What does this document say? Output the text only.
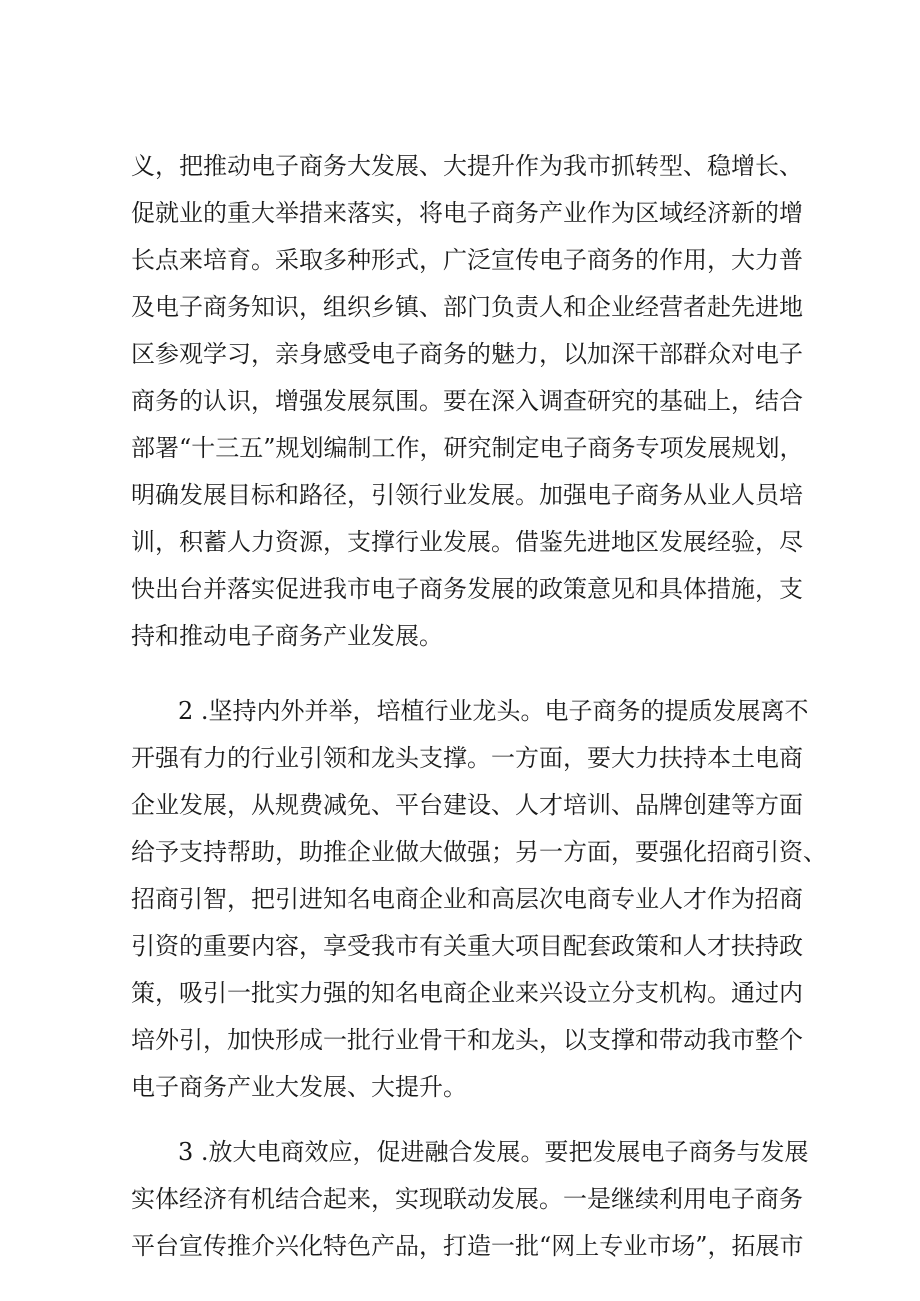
义，把推动电子商务大发展、大提升作为我市抓转型、稳增长、

促就业的重大举措来落实，将电子商务产业作为区域经济新的增

长点来培育。采取多种形式，广泛宣传电子商务的作用，大力普

及电子商务知识，组织乡镇、部门负责人和企业经营者赴先进地

区参观学习，亲身感受电子商务的魅力，以加深干部群众对电子

商务的认识，增强发展氛围。要在深入调查研究的基础上，结合

部署“十三五”规划编制工作，研究制定电子商务专项发展规划，

明确发展目标和路径，引领行业发展。加强电子商务从业人员培

训，积蓄人力资源，支撑行业发展。借鉴先进地区发展经验，尽

快出台并落实促进我市电子商务发展的政策意见和具体措施，支

持和推动电子商务产业发展。

2 .坚持内外并举，培植行业龙头。电子商务的提质发展离不

开强有力的行业引领和龙头支撑。一方面，要大力扶持本土电商

企业发展，从规费减免、平台建设、人才培训、品牌创建等方面

给予支持帮助，助推企业做大做强；另一方面，要强化招商引资、

招商引智，把引进知名电商企业和高层次电商专业人才作为招商

引资的重要内容，享受我市有关重大项目配套政策和人才扶持政

策，吸引一批实力强的知名电商企业来兴设立分支机构。通过内

培外引，加快形成一批行业骨干和龙头，以支撑和带动我市整个

电子商务产业大发展、大提升。

3 .放大电商效应，促进融合发展。要把发展电子商务与发展

实体经济有机结合起来，实现联动发展。一是继续利用电子商务

平台宣传推介兴化特色产品，打造一批“网上专业市场”，拓展市
